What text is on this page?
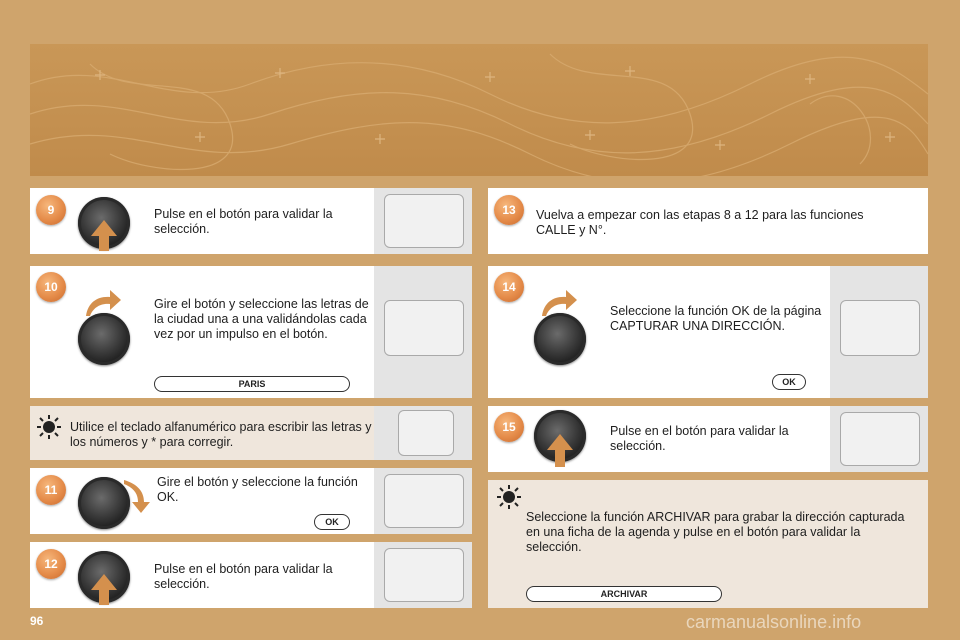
9	Pulse en el botón para validar la selección.
10
Gire el botón y seleccione las letras de la ciudad una a una validándolas cada vez por un impulso en el botón.
PARIS
Utilice el teclado alfanumérico para escribir las letras y los números y * para corregir.
11
Gire el botón y seleccione la función OK.
OK
12	Pulse en el botón para validar la selección.
13	Vuelva a empezar con las etapas 8 a 12 para las funciones CALLE y N°.
14
Seleccione la función OK de la página CAPTURAR UNA DIRECCIÓN.
OK
15	Pulse en el botón para validar la selección.
Seleccione la función ARCHIVAR para grabar la dirección capturada en una ficha de la agenda y pulse en el botón para validar la selección.
ARCHIVAR
96	carmanualsonline.info
